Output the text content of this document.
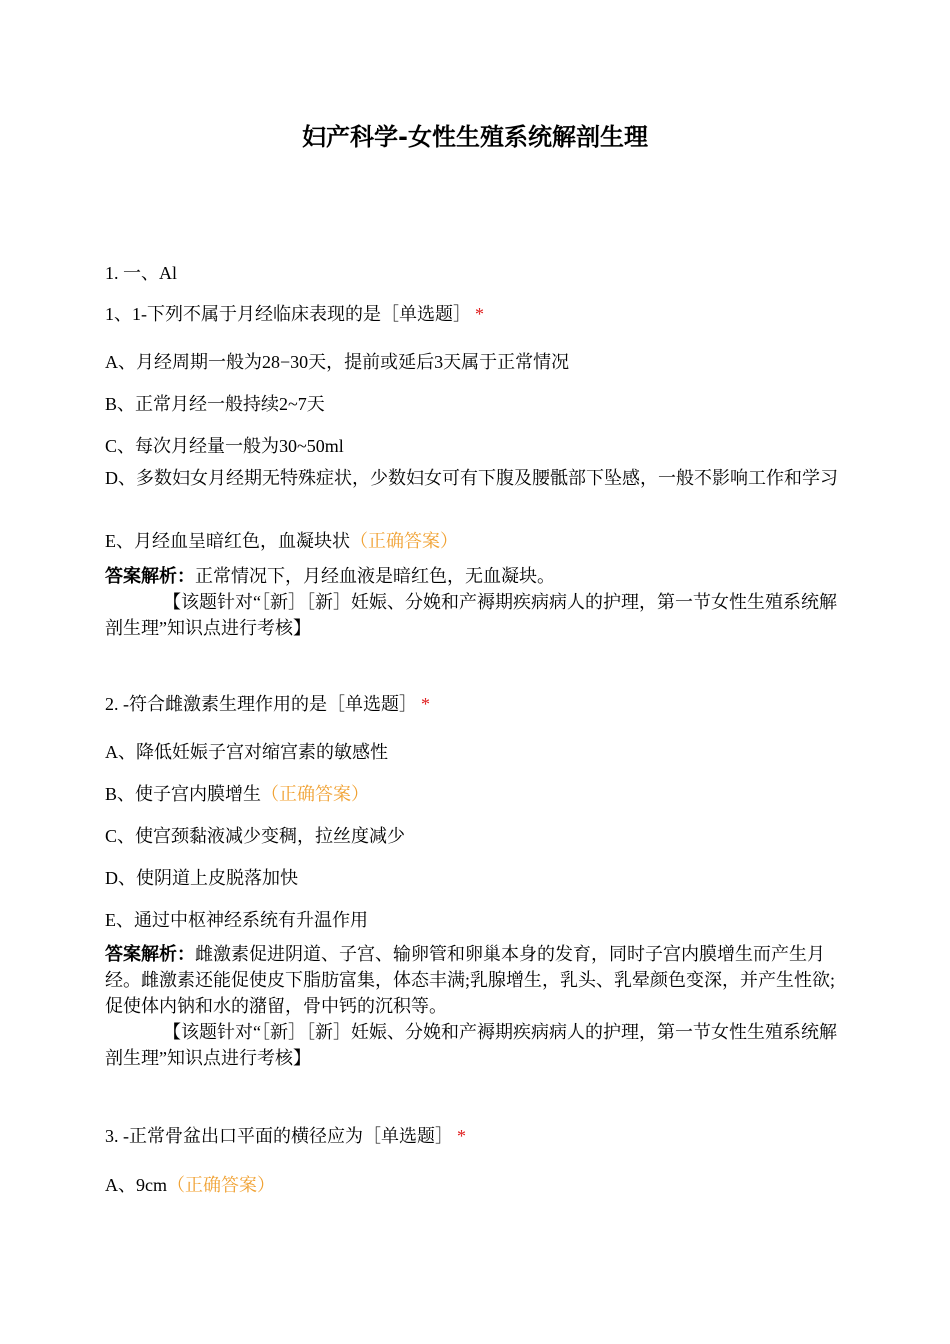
妇产科学-女性生殖系统解剖生理
1. 一、Al
1、1-下列不属于月经临床表现的是［单选题］ *
A、月经周期一般为28−30天，提前或延后3天属于正常情况
B、正常月经一般持续2~7天
C、每次月经量一般为30~50ml
D、多数妇女月经期无特殊症状，少数妇女可有下腹及腰骶部下坠感，一般不影响工作和学习
E、月经血呈暗红色，血凝块状（正确答案）
答案解析：正常情况下，月经血液是暗红色，无血凝块。
【该题针对“［新］［新］妊娠、分娩和产褥期疾病病人的护理，第一节女性生殖系统解剖生理”知识点进行考核】
2. -符合雌激素生理作用的是［单选题］ *
A、降低妊娠子宫对缩宫素的敏感性
B、使子宫内膜增生（正确答案）
C、使宫颈黏液减少变稠，拉丝度减少
D、使阴道上皮脱落加快
E、通过中枢神经系统有升温作用
答案解析：雌激素促进阴道、子宫、输卵管和卵巢本身的发育，同时子宫内膜增生而产生月经。雌激素还能促使皮下脂肪富集，体态丰满;乳腺增生，乳头、乳晕颜色变深，并产生性欲;促使体内钠和水的潴留，骨中钙的沉积等。
【该题针对“［新］［新］妊娠、分娩和产褥期疾病病人的护理，第一节女性生殖系统解剖生理”知识点进行考核】
3. -正常骨盆出口平面的横径应为［单选题］ *
A、9cm（正确答案）
